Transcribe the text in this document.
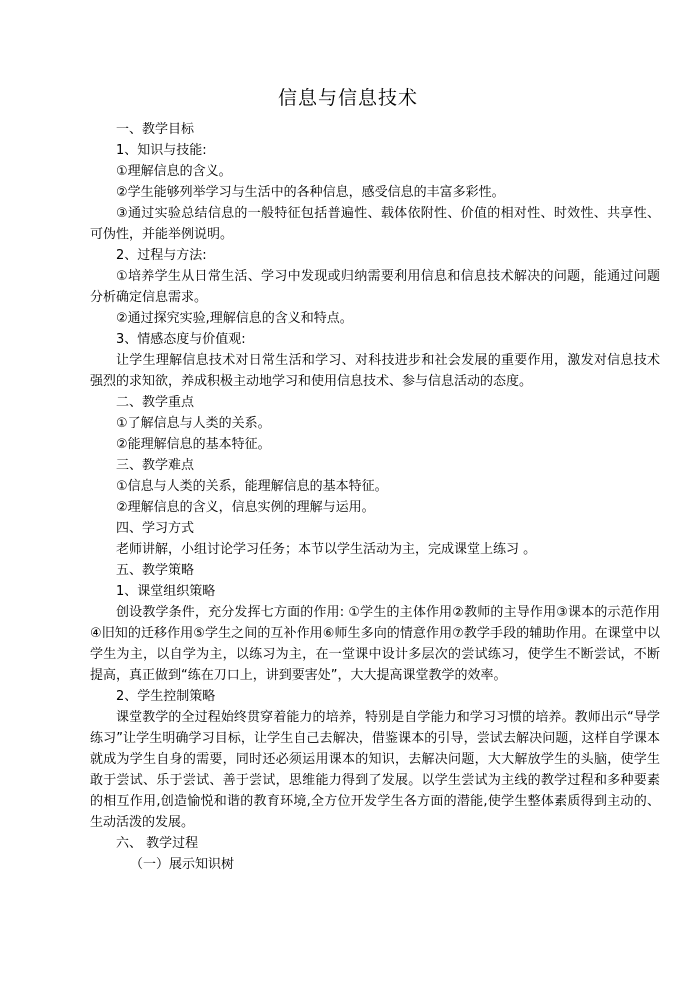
信息与信息技术
一、教学目标
1、知识与技能:
①理解信息的含义。
②学生能够列举学习与生活中的各种信息，感受信息的丰富多彩性。
③通过实验总结信息的一般特征包括普遍性、载体依附性、价值的相对性、时效性、共享性、可伪性，并能举例说明。
2、过程与方法:
①培养学生从日常生活、学习中发现或归纳需要利用信息和信息技术解决的问题，能通过问题分析确定信息需求。
②通过探究实验,理解信息的含义和特点。
3、情感态度与价值观:
让学生理解信息技术对日常生活和学习、对科技进步和社会发展的重要作用，激发对信息技术强烈的求知欲，养成积极主动地学习和使用信息技术、参与信息活动的态度。
二、教学重点
①了解信息与人类的关系。
②能理解信息的基本特征。
三、教学难点
①信息与人类的关系，能理解信息的基本特征。
②理解信息的含义，信息实例的理解与运用。
四、学习方式
老师讲解，小组讨论学习任务；本节以学生活动为主，完成课堂上练习 。
五、教学策略
1、课堂组织策略
创设教学条件，充分发挥七方面的作用: ①学生的主体作用②教师的主导作用③课本的示范作用④旧知的迁移作用⑤学生之间的互补作用⑥师生多向的情意作用⑦教学手段的辅助作用。在课堂中以学生为主，以自学为主，以练习为主，在一堂课中设计多层次的尝试练习，使学生不断尝试，不断提高，真正做到“练在刀口上，讲到要害处”，大大提高课堂教学的效率。
2、学生控制策略
课堂教学的全过程始终贯穿着能力的培养，特别是自学能力和学习习惯的培养。教师出示“导学练习”让学生明确学习目标，让学生自己去解决，借鉴课本的引导，尝试去解决问题，这样自学课本就成为学生自身的需要，同时还必须运用课本的知识，去解决问题，大大解放学生的头脑，使学生敢于尝试、乐于尝试、善于尝试，思维能力得到了发展。以学生尝试为主线的教学过程和多种要素的相互作用,创造愉悦和谐的教育环境,全方位开发学生各方面的潜能,使学生整体素质得到主动的、生动活泼的发展。
六、 教学过程
（一）展示知识树
